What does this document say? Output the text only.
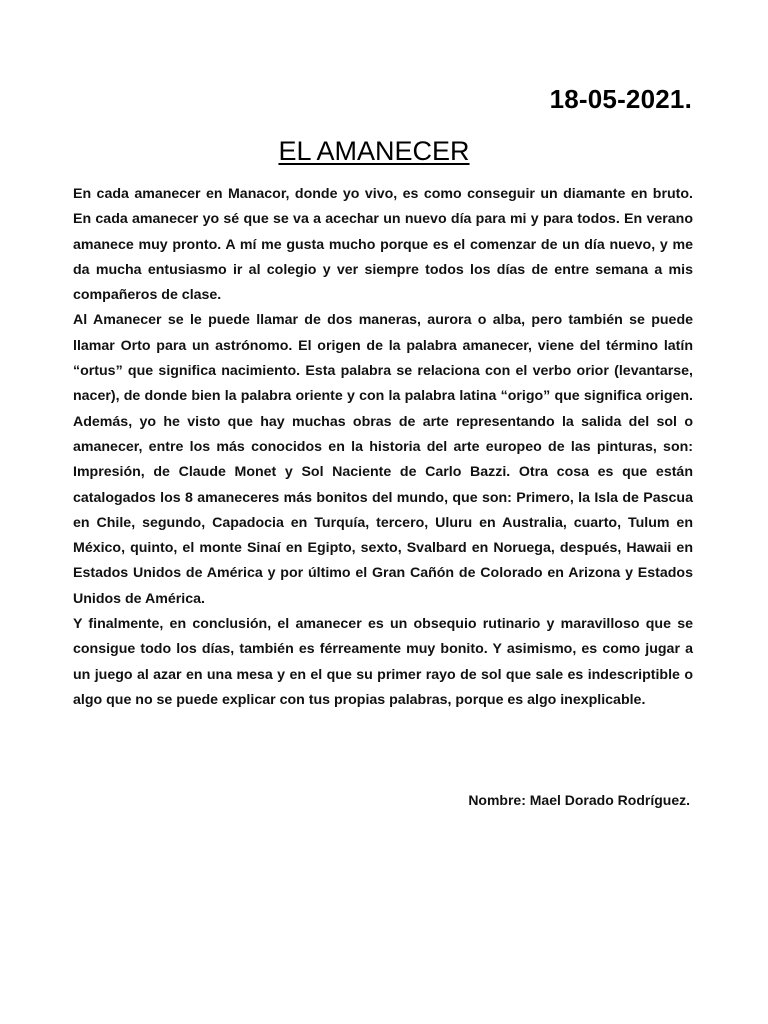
18-05-2021.
EL AMANECER

En cada amanecer en Manacor, donde yo vivo, es como conseguir un diamante en bruto. En cada amanecer yo sé que se va a acechar un nuevo día para mi y para todos. En verano amanece muy pronto. A mí me gusta mucho porque es el comenzar de un día nuevo, y me da mucha entusiasmo ir al colegio y ver siempre todos los días de entre semana a mis compañeros de clase.

Al Amanecer se le puede llamar de dos maneras, aurora o alba, pero también se puede llamar Orto para un astrónomo. El origen de la palabra amanecer, viene del término latín “ortus” que significa nacimiento. Esta palabra se relaciona con el verbo orior (levantarse, nacer), de donde bien la palabra oriente y con la palabra latina “origo” que significa origen. Además, yo he visto que hay muchas obras de arte representando la salida del sol o amanecer, entre los más conocidos en la historia del arte europeo de las pinturas, son: Impresión, de Claude Monet y Sol Naciente de Carlo Bazzi. Otra cosa es que están catalogados los 8 amaneceres más bonitos del mundo, que son: Primero, la Isla de Pascua en Chile, segundo, Capadocia en Turquía, tercero, Uluru en Australia, cuarto, Tulum en México, quinto, el monte Sinaí en Egipto, sexto, Svalbard en Noruega, después, Hawaii en Estados Unidos de América y por último el Gran Cañón de Colorado en Arizona y Estados Unidos de América.

Y finalmente, en conclusión, el amanecer es un obsequio rutinario y maravilloso que se consigue todo los días, también es férreamente muy bonito. Y asimismo, es como jugar a un juego al azar en una mesa y en el que su primer rayo de sol que sale es indescriptible o algo que no se puede explicar con tus propias palabras, porque es algo inexplicable.

Nombre: Mael Dorado Rodríguez.
